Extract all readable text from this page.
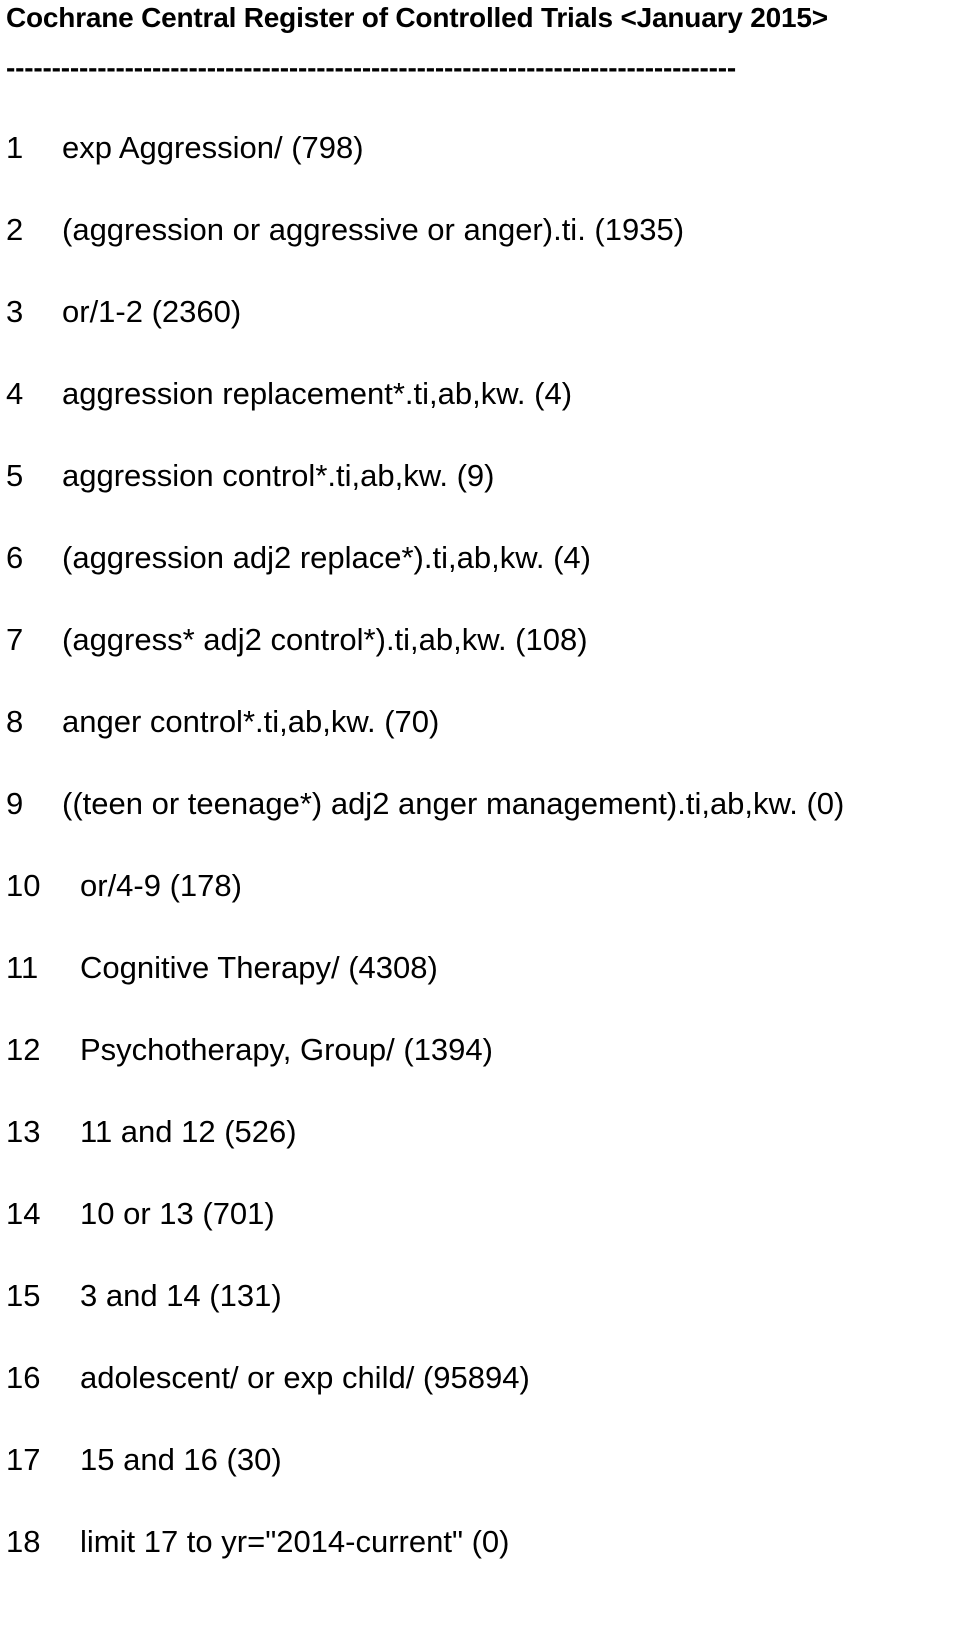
Cochrane Central Register of Controlled Trials <January 2015>
--------------------------------------------------------------------------------
1 exp Aggression/ (798)
2 (aggression or aggressive or anger).ti. (1935)
3 or/1-2 (2360)
4 aggression replacement*.ti,ab,kw. (4)
5 aggression control*.ti,ab,kw. (9)
6 (aggression adj2 replace*).ti,ab,kw. (4)
7 (aggress* adj2 control*).ti,ab,kw. (108)
8 anger control*.ti,ab,kw. (70)
9 ((teen or teenage*) adj2 anger management).ti,ab,kw. (0)
10 or/4-9 (178)
11 Cognitive Therapy/ (4308)
12 Psychotherapy, Group/ (1394)
13 11 and 12 (526)
14 10 or 13 (701)
15 3 and 14 (131)
16 adolescent/ or exp child/ (95894)
17 15 and 16 (30)
18 limit 17 to yr="2014-current" (0)
